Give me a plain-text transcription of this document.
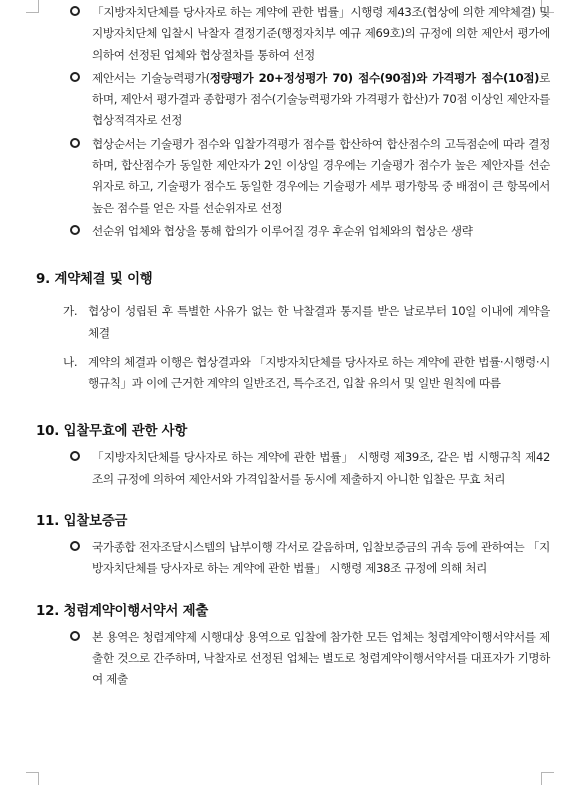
「지방자치단체를 당사자로 하는 계약에 관한 법률」시행령 제43조(협상에 의한 계약체결) 및 지방자치단체 입찰시 낙찰자 결정기준(행정자치부 예규 제69호)의 규정에 의한 제안서 평가에 의하여 선정된 업체와 협상절차를 통하여 선정
제안서는 기술능력평가(정량평가 20+정성평가 70) 점수(90점)와 가격평가 점수(10점)로 하며, 제안서 평가결과 종합평가 점수(기술능력평가와 가격평가 합산)가 70점 이상인 제안자를 협상적격자로 선정
협상순서는 기술평가 점수와 입찰가격평가 점수를 합산하여 합산점수의 고득점순에 따라 결정하며, 합산점수가 동일한 제안자가 2인 이상일 경우에는 기술평가 점수가 높은 제안자를 선순위자로 하고, 기술평가 점수도 동일한 경우에는 기술평가 세부 평가항목 중 배점이 큰 항목에서 높은 점수를 얻은 자를 선순위자로 선정
선순위 업체와 협상을 통해 합의가 이루어질 경우 후순위 업체와의 협상은 생략
9. 계약체결 및 이행
가. 협상이 성립된 후 특별한 사유가 없는 한 낙찰결과 통지를 받은 날로부터 10일 이내에 계약을 체결
나. 계약의 체결과 이행은 협상결과와 「지방자치단체를 당사자로 하는 계약에 관한 법률·시행령·시행규칙」과 이에 근거한 계약의 일반조건, 특수조건, 입찰 유의서 및 일반 원칙에 따름
10. 입찰무효에 관한 사항
「지방자치단체를 당사자로 하는 계약에 관한 법률」 시행령 제39조, 같은 법 시행규칙 제42조의 규정에 의하여 제안서와 가격입찰서를 동시에 제출하지 아니한 입찰은 무효 처리
11. 입찰보증금
국가종합 전자조달시스템의 납부이행 각서로 갈음하며, 입찰보증금의 귀속 등에 관하여는 「지방자치단체를 당사자로 하는 계약에 관한 법률」 시행령 제38조 규정에 의해 처리
12. 청렴계약이행서약서 제출
본 용역은 청렴계약제 시행대상 용역으로 입찰에 참가한 모든 업체는 청렴계약이행서약서를 제출한 것으로 간주하며, 낙찰자로 선정된 업체는 별도로 청렴계약이행서약서를 대표자가 기명하여 제출
